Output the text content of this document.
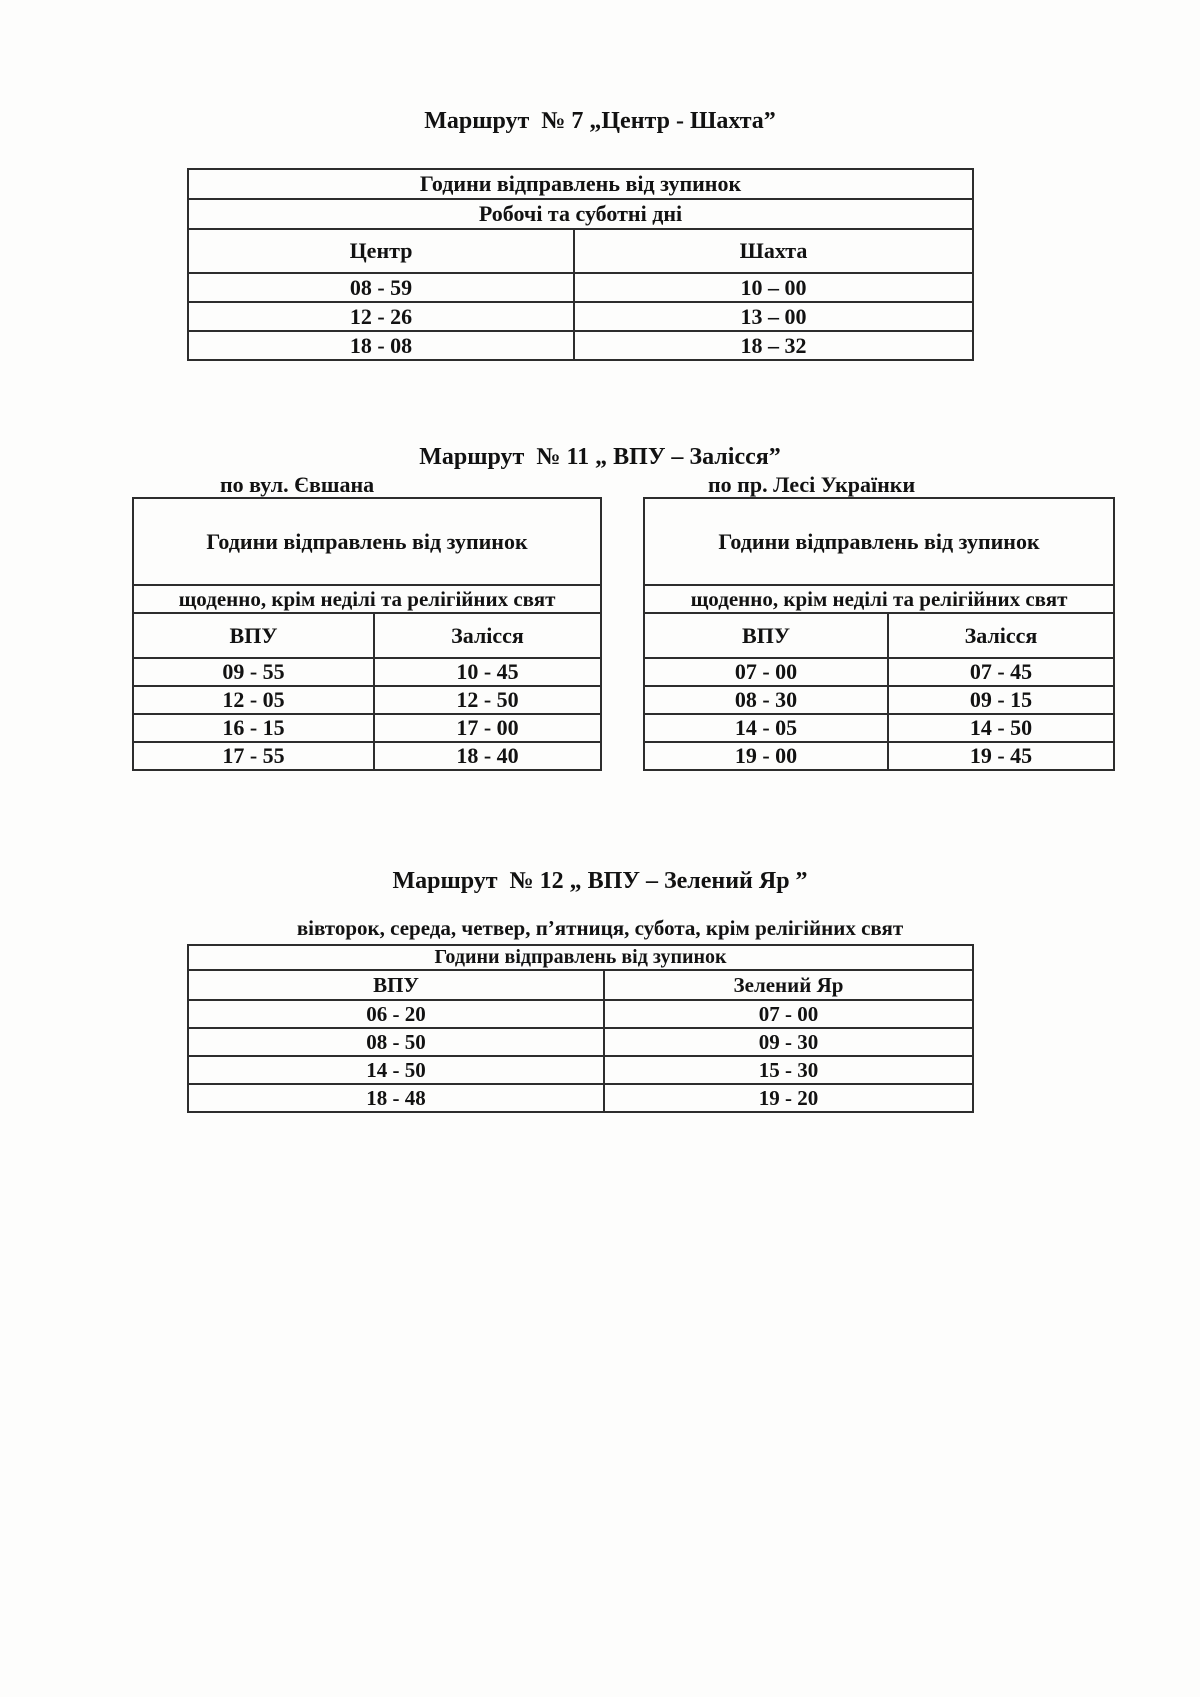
Маршрут  № 7 „Центр - Шахта”
Години відправлень від зупинок	
Робочі та суботні дні	
Центр	Шахта
08 - 59	10 – 00
12 - 26	13 – 00
18 - 08	18 – 32
Маршрут  № 11 „ ВПУ – Залісся”
по вул. Євшана	по пр. Лесі Українки
Години відправлень від зупинок	
щоденно, крім неділі та релігійних свят	
ВПУ	Залісся
09 - 55	10 - 45
12 - 05	12 - 50
16 - 15	17 - 00
17 - 55	18 - 40
Години відправлень від зупинок	
щоденно, крім неділі та релігійних свят	
ВПУ	Залісся
07 - 00	07 - 45
08 - 30	09 - 15
14 - 05	14 - 50
19 - 00	19 - 45
Маршрут  № 12 „ ВПУ – Зелений Яр ”
вівторок, середа, четвер, п’ятниця, субота, крім релігійних свят
Години відправлень від зупинок	
ВПУ	Зелений Яр
06 - 20	07 - 00
08 - 50	09 - 30
14 - 50	15 - 30
18 - 48	19 - 20
